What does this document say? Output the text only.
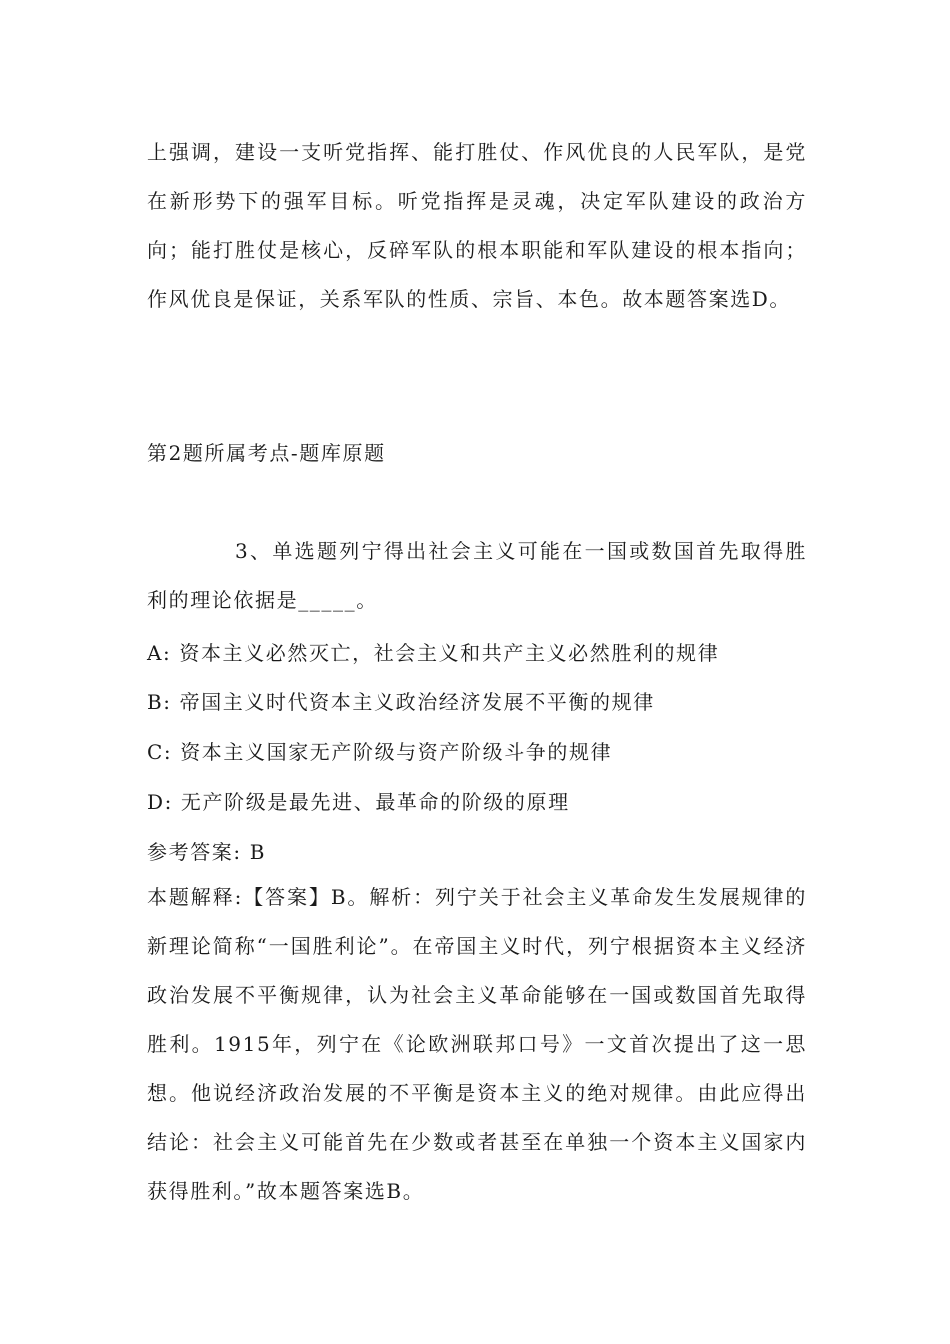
上强调，建设一支听党指挥、能打胜仗、作风优良的人民军队，是党在新形势下的强军目标。听党指挥是灵魂，决定军队建设的政治方向；能打胜仗是核心，反碎军队的根本职能和军队建设的根本指向；作风优良是保证，关系军队的性质、宗旨、本色。故本题答案选D。
第2题所属考点-题库原题
3、单选题列宁得出社会主义可能在一国或数国首先取得胜利的理论依据是_____。
A: 资本主义必然灭亡，社会主义和共产主义必然胜利的规律
B: 帝国主义时代资本主义政治经济发展不平衡的规律
C: 资本主义国家无产阶级与资产阶级斗争的规律
D: 无产阶级是最先进、最革命的阶级的原理
参考答案: B
本题解释:【答案】B。解析：列宁关于社会主义革命发生发展规律的新理论简称“一国胜利论”。在帝国主义时代，列宁根据资本主义经济政治发展不平衡规律，认为社会主义革命能够在一国或数国首先取得胜利。1915年，列宁在《论欧洲联邦口号》一文首次提出了这一思想。他说经济政治发展的不平衡是资本主义的绝对规律。由此应得出结论：社会主义可能首先在少数或者甚至在单独一个资本主义国家内获得胜利。”故本题答案选B。
